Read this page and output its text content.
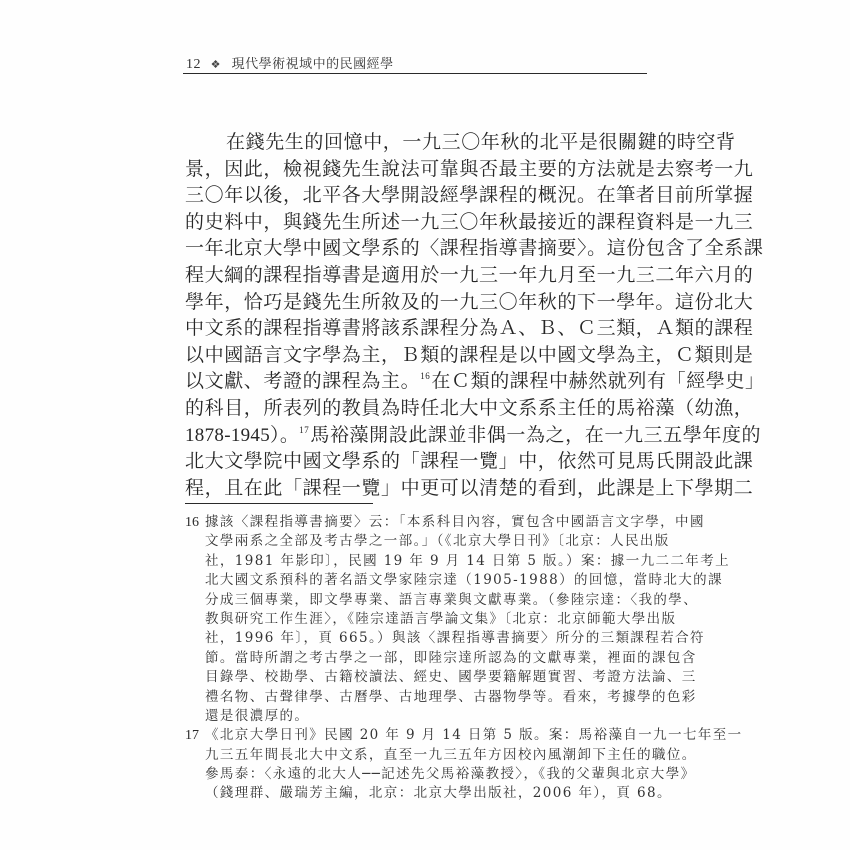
12 ❖ 現代學術視域中的民國經學
在錢先生的回憶中，一九三〇年秋的北平是很關鍵的時空背
景，因此，檢視錢先生說法可靠與否最主要的方法就是去察考一九
三〇年以後，北平各大學開設經學課程的概況。在筆者目前所掌握
的史料中，與錢先生所述一九三〇年秋最接近的課程資料是一九三
一年北京大學中國文學系的〈課程指導書摘要〉。這份包含了全系課
程大綱的課程指導書是適用於一九三一年九月至一九三二年六月的
學年，恰巧是錢先生所敘及的一九三〇年秋的下一學年。這份北大
中文系的課程指導書將該系課程分為Ａ、Ｂ、Ｃ三類，Ａ類的課程
以中國語言文字學為主，Ｂ類的課程是以中國文學為主，Ｃ類則是
以文獻、考證的課程為主。$^{16}$在Ｃ類的課程中赫然就列有「經學史」
的科目，所表列的教員為時任北大中文系系主任的馬裕藻（幼漁，
1878-1945）。$^{17}$馬裕藻開設此課並非偶一為之，在一九三五學年度的
北大文學院中國文學系的「課程一覽」中，依然可見馬氏開設此課
程，且在此「課程一覽」中更可以清楚的看到，此課是上下學期二
16 據該〈課程指導書摘要〉云：「本系科目內容，實包含中國語言文字學，中國
文學兩系之全部及考古學之一部。」（《北京大學日刊》〔北京：人民出版
社，1981 年影印〕，民國 19 年 9 月 14 日第 5 版。）案：據一九二二年考上
北大國文系預科的著名語文學家陸宗達（1905-1988）的回憶，當時北大的課
分成三個專業，即文學專業、語言專業與文獻專業。（參陸宗達：〈我的學、
教與研究工作生涯〉，《陸宗達語言學論文集》〔北京：北京師範大學出版
社，1996 年〕，頁 665。）與該〈課程指導書摘要〉所分的三類課程若合符
節。當時所謂之考古學之一部，即陸宗達所認為的文獻專業，裡面的課包含
目錄學、校勘學、古籍校讀法、經史、國學要籍解題實習、考證方法論、三
禮名物、古聲律學、古曆學、古地理學、古器物學等。看來，考據學的色彩
還是很濃厚的。
17 《北京大學日刊》民國 20 年 9 月 14 日第 5 版。案：馬裕藻自一九一七年至一
九三五年間長北大中文系，直至一九三五年方因校內風潮卸下主任的職位。
參馬泰：〈永遠的北大人──記述先父馬裕藻教授〉，《我的父輩與北京大學》
（錢理群、嚴瑞芳主編，北京：北京大學出版社，2006 年），頁 68。
